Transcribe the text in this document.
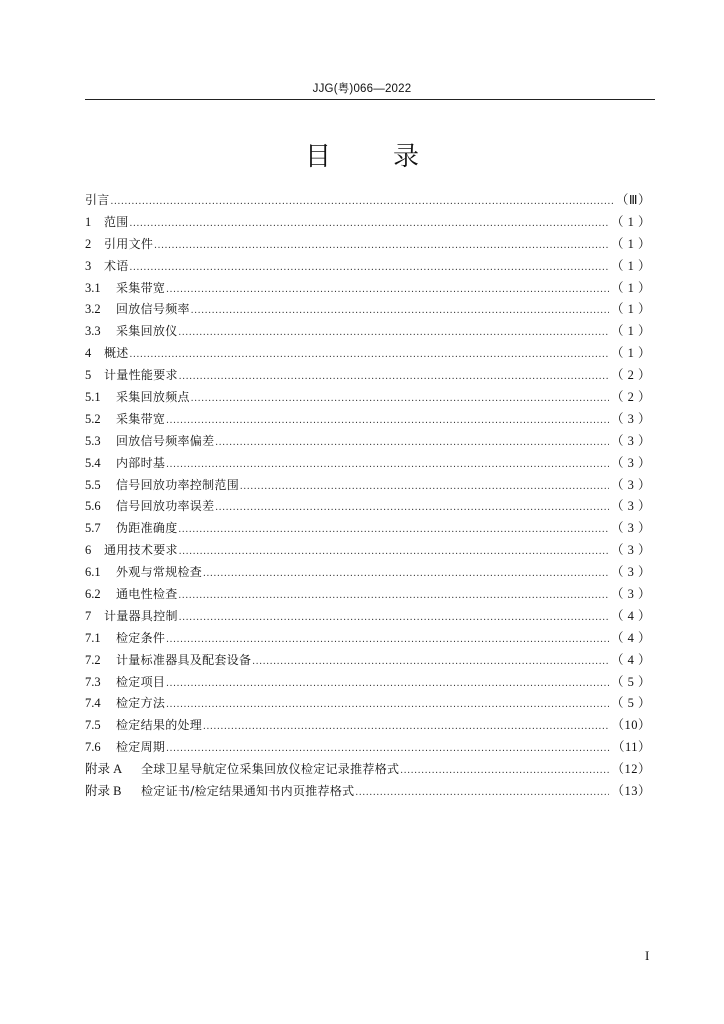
JJG(粤)066—2022
目录
引言 .....	（Ⅲ）
1	范围 .....	（ 1 ）
2	引用文件 .....	（ 1 ）
3	术语 .....	（ 1 ）
3.1	采集带宽 .....	（ 1 ）
3.2	回放信号频率 .....	（ 1 ）
3.3	采集回放仪 .....	（ 1 ）
4	概述 .....	（ 1 ）
5	计量性能要求 .....	（ 2 ）
5.1	采集回放频点 .....	（ 2 ）
5.2	采集带宽 .....	（ 3 ）
5.3	回放信号频率偏差 .....	（ 3 ）
5.4	内部时基 .....	（ 3 ）
5.5	信号回放功率控制范围 .....	（ 3 ）
5.6	信号回放功率误差 .....	（ 3 ）
5.7	伪距准确度 .....	（ 3 ）
6	通用技术要求 .....	（ 3 ）
6.1	外观与常规检查 .....	（ 3 ）
6.2	通电性检查 .....	（ 3 ）
7	计量器具控制 .....	（ 4 ）
7.1	检定条件 .....	（ 4 ）
7.2	计量标准器具及配套设备 .....	（ 4 ）
7.3	检定项目 .....	（ 5 ）
7.4	检定方法 .....	（ 5 ）
7.5	检定结果的处理 .....	（10）
7.6	检定周期 .....	（11）
附录 A	全球卫星导航定位采集回放仪检定记录推荐格式 .....	（12）
附录 B	检定证书/检定结果通知书内页推荐格式 .....	（13）
I
